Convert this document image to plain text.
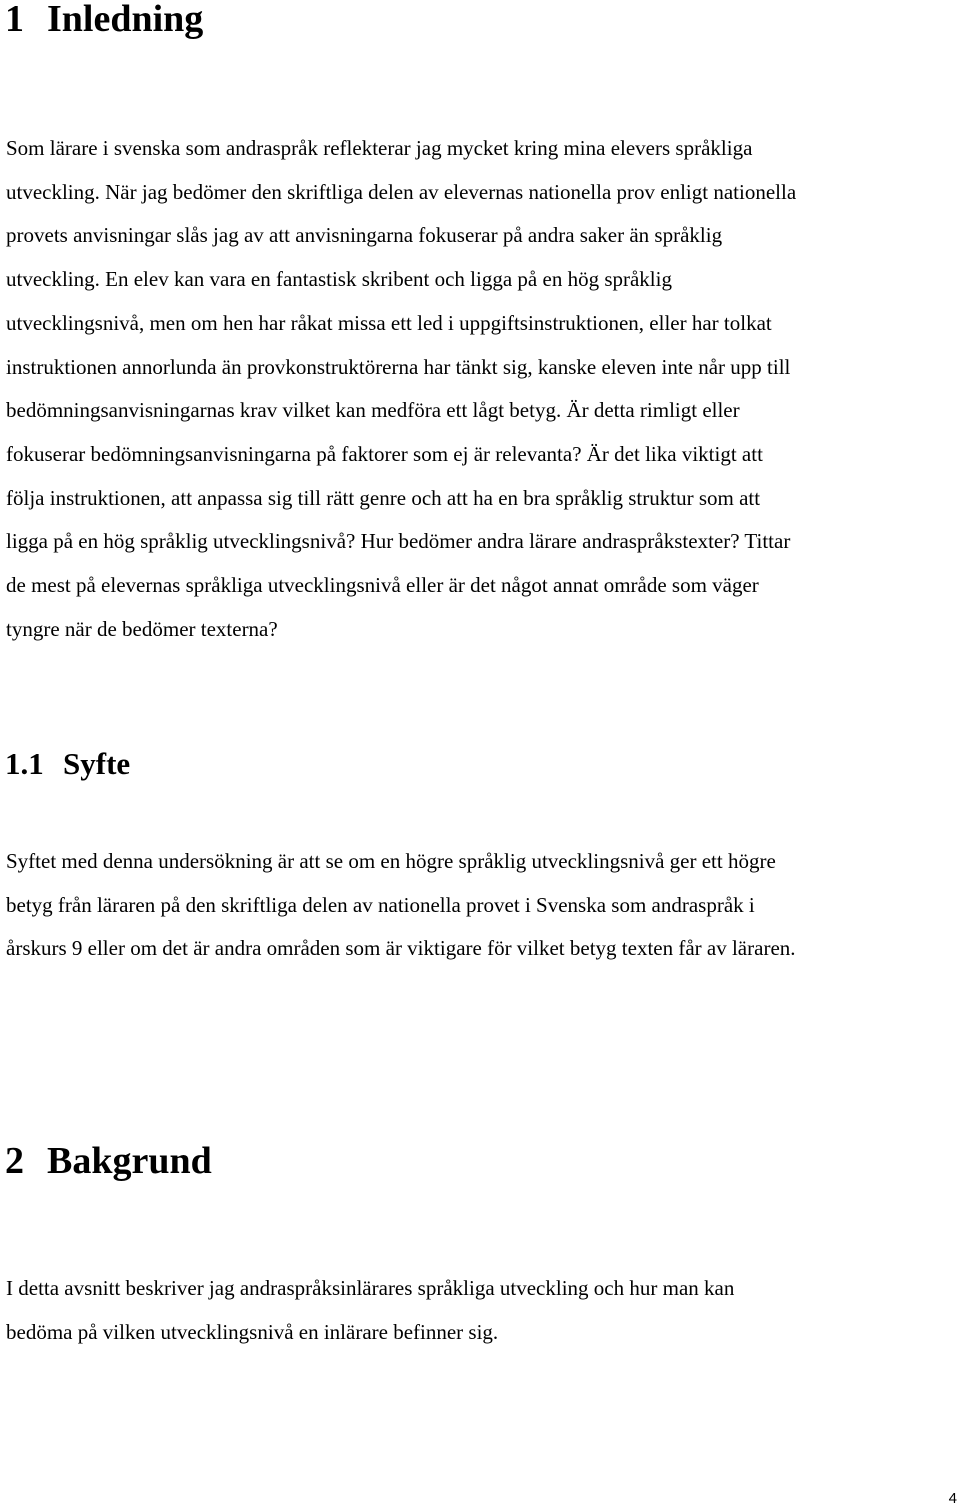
1 Inledning
Som lärare i svenska som andraspråk reflekterar jag mycket kring mina elevers språkliga
utveckling. När jag bedömer den skriftliga delen av elevernas nationella prov enligt nationella
provets anvisningar slås jag av att anvisningarna fokuserar på andra saker än språklig
utveckling. En elev kan vara en fantastisk skribent och ligga på en hög språklig
utvecklingsnivå, men om hen har råkat missa ett led i uppgiftsinstruktionen, eller har tolkat
instruktionen annorlunda än provkonstruktörerna har tänkt sig, kanske eleven inte når upp till
bedömningsanvisningarnas krav vilket kan medföra ett lågt betyg. Är detta rimligt eller
fokuserar bedömningsanvisningarna på faktorer som ej är relevanta? Är det lika viktigt att
följa instruktionen, att anpassa sig till rätt genre och att ha en bra språklig struktur som att
ligga på en hög språklig utvecklingsnivå? Hur bedömer andra lärare andraspråkstexter? Tittar
de mest på elevernas språkliga utvecklingsnivå eller är det något annat område som väger
tyngre när de bedömer texterna?
1.1 Syfte
Syftet med denna undersökning är att se om en högre språklig utvecklingsnivå ger ett högre
betyg från läraren på den skriftliga delen av nationella provet i Svenska som andraspråk i
årskurs 9 eller om det är andra områden som är viktigare för vilket betyg texten får av läraren.
2 Bakgrund
I detta avsnitt beskriver jag andraspråksinlärares språkliga utveckling och hur man kan
bedöma på vilken utvecklingsnivå en inlärare befinner sig.
4
